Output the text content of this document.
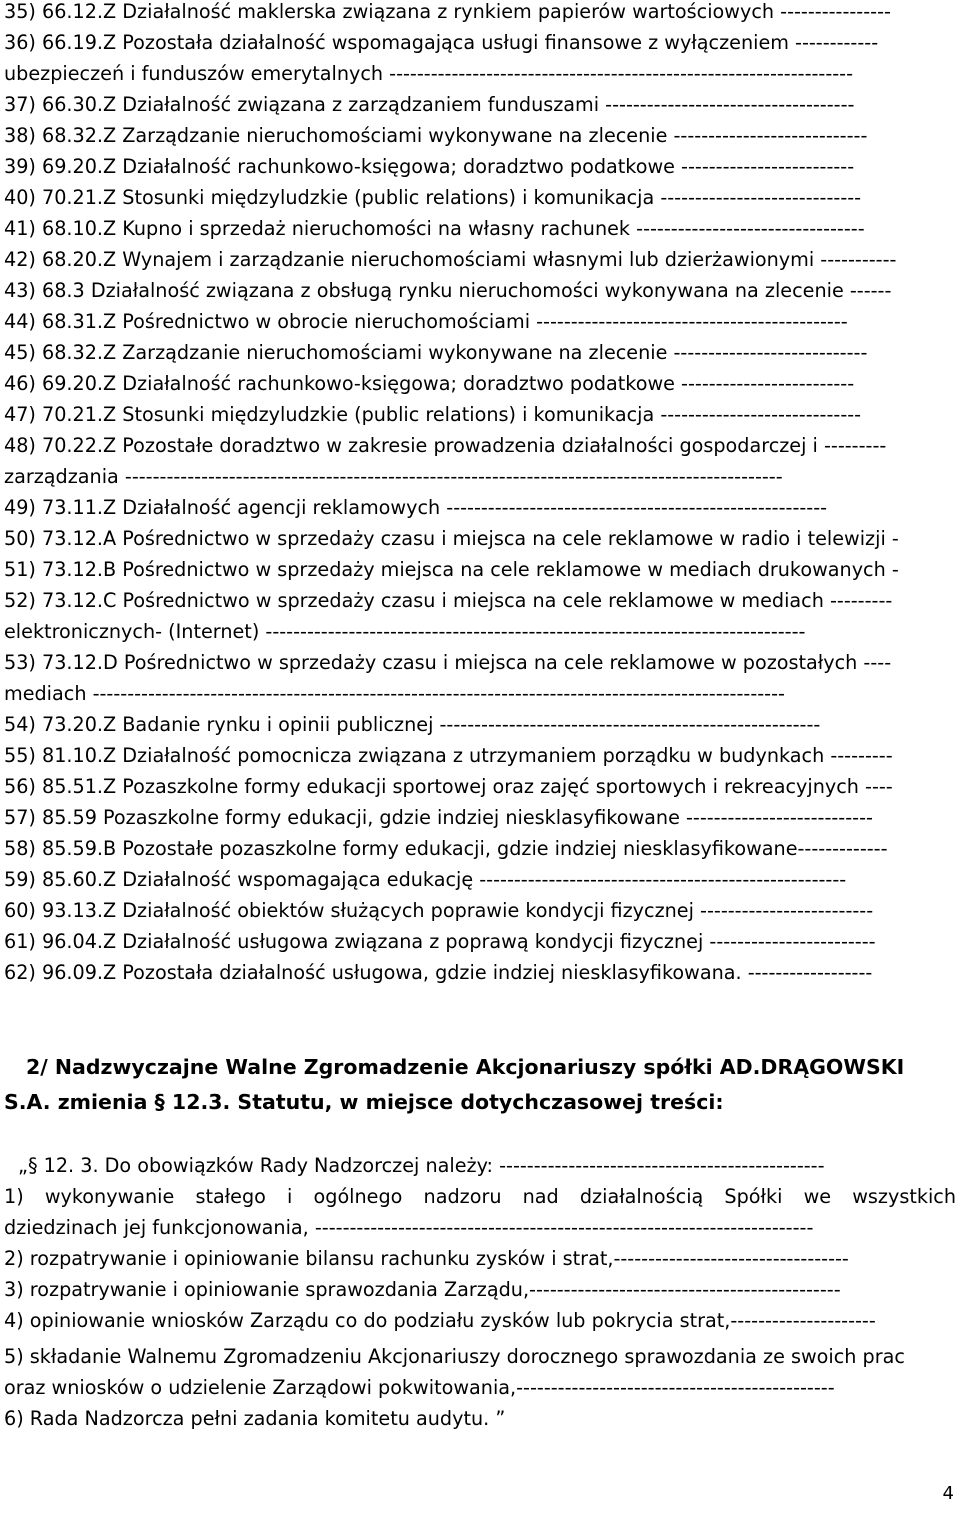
35) 66.12.Z Działalność maklerska związana z rynkiem papierów wartościowych ----------------
36) 66.19.Z Pozostała działalność wspomagająca usługi finansowe z wyłączeniem ------------
ubezpieczeń i funduszów emerytalnych -------------------------------------------------------------------
37) 66.30.Z Działalność związana z zarządzaniem funduszami ------------------------------------
38) 68.32.Z Zarządzanie nieruchomościami wykonywane na zlecenie ----------------------------
39) 69.20.Z Działalność rachunkowo-księgowa; doradztwo podatkowe -------------------------
40) 70.21.Z Stosunki międzyludzkie (public relations) i komunikacja -----------------------------
41) 68.10.Z Kupno i sprzedaż nieruchomości na własny rachunek ---------------------------------
42) 68.20.Z Wynajem i zarządzanie nieruchomościami własnymi lub dzierżawionymi -----------
43) 68.3 Działalność związana z obsługą rynku nieruchomości wykonywana na zlecenie ------
44) 68.31.Z Pośrednictwo w obrocie nieruchomościami ---------------------------------------------
45) 68.32.Z Zarządzanie nieruchomościami wykonywane na zlecenie ----------------------------
46) 69.20.Z Działalność rachunkowo-księgowa; doradztwo podatkowe -------------------------
47) 70.21.Z Stosunki międzyludzkie (public relations) i komunikacja -----------------------------
48) 70.22.Z Pozostałe doradztwo w zakresie prowadzenia działalności gospodarczej i ---------
zarządzania -----------------------------------------------------------------------------------------------
49) 73.11.Z Działalność agencji reklamowych -------------------------------------------------------
50) 73.12.A Pośrednictwo w sprzedaży czasu i miejsca na cele reklamowe w radio i telewizji -
51) 73.12.B Pośrednictwo w sprzedaży miejsca na cele reklamowe w mediach drukowanych -
52) 73.12.C Pośrednictwo w sprzedaży czasu i miejsca na cele reklamowe w mediach ---------
elektronicznych- (Internet) ------------------------------------------------------------------------------
53) 73.12.D Pośrednictwo w sprzedaży czasu i miejsca na cele reklamowe w pozostałych ----
mediach ----------------------------------------------------------------------------------------------------
54) 73.20.Z Badanie rynku i opinii publicznej -------------------------------------------------------
55) 81.10.Z Działalność pomocnicza związana z utrzymaniem porządku w budynkach ---------
56) 85.51.Z Pozaszkolne formy edukacji sportowej oraz zajęć sportowych i rekreacyjnych ----
57) 85.59 Pozaszkolne formy edukacji, gdzie indziej niesklasyfikowane ---------------------------
58) 85.59.B Pozostałe pozaszkolne formy edukacji, gdzie indziej niesklasyfikowane-------------
59) 85.60.Z Działalność wspomagająca edukację -----------------------------------------------------
60) 93.13.Z Działalność obiektów służących poprawie kondycji fizycznej -------------------------
61) 96.04.Z Działalność usługowa związana z poprawą kondycji fizycznej ------------------------
62) 96.09.Z Pozostała działalność usługowa, gdzie indziej niesklasyfikowana. ------------------
2/ Nadzwyczajne Walne Zgromadzenie Akcjonariuszy spółki AD.DRĄGOWSKI
S.A. zmienia § 12.3. Statutu, w miejsce dotychczasowej treści:
„§ 12. 3. Do obowiązków Rady Nadzorczej należy: -----------------------------------------------
1) wykonywanie stałego i ogólnego nadzoru nad działalnością Spółki we wszystkich
dziedzinach jej funkcjonowania, ------------------------------------------------------------------------
2) rozpatrywanie i opiniowanie bilansu rachunku zysków i strat,----------------------------------
3) rozpatrywanie i opiniowanie sprawozdania Zarządu,---------------------------------------------
4) opiniowanie wniosków Zarządu co do podziału zysków lub pokrycia strat,---------------------
5) składanie Walnemu Zgromadzeniu Akcjonariuszy dorocznego sprawozdania ze swoich prac
oraz wniosków o udzielenie Zarządowi pokwitowania,----------------------------------------------
6) Rada Nadzorcza pełni zadania komitetu audytu. ”
4
